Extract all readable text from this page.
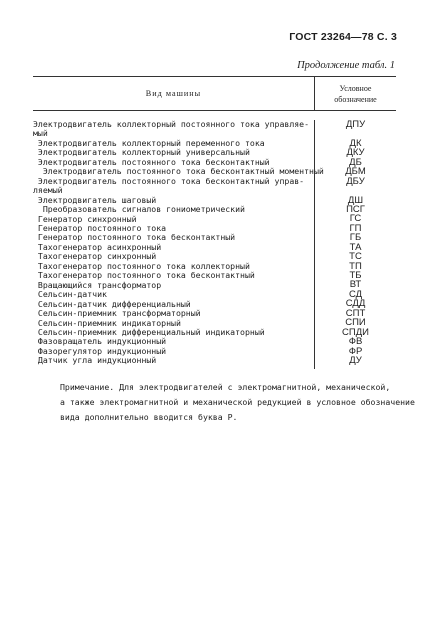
ГОСТ 23264—78 С. 3
Продолжение табл. 1
Вид машины
Условное
обозначение
Электродвигатель коллекторный постоянного тока управляе-
мый
Электродвигатель коллекторный переменного тока
Электродвигатель коллекторный универсальный
Электродвигатель постоянного тока бесконтактный
Электродвигатель постоянного тока бесконтактный моментный
Электродвигатель постоянного тока бесконтактный управ-
ляемый
Электродвигатель шаговый
Преобразователь сигналов гониометрический
Генератор синхронный
Генератор постоянного тока
Генератор постоянного тока бесконтактный
Тахогенератор асинхронный
Тахогенератор синхронный
Тахогенератор постоянного тока коллекторный
Тахогенератор постоянного тока бесконтактный
Вращающийся трансформатор
Сельсин-датчик
Сельсин-датчик дифференциальный
Сельсин-приемник трансформаторный
Сельсин-приемник индикаторный
Сельсин-приемник дифференциальный индикаторный
Фазовращатель индукционный
Фазорегулятор индукционный
Датчик угла индукционный
ДПУ
ДК
ДКУ
ДБ
ДБМ
ДБУ
ДШ
ПСГ
ГС
ГП
ГБ
ТА
ТС
ТП
ТБ
ВТ
СД
СДД
СПТ
СПИ
СПДИ
ФВ
ФР
ДУ
Примечание. Для электродвигателей с электромагнитной, механической,
а также электромагнитной и механической редукцией в условное обозначение
вида дополнительно вводится буква Р.
